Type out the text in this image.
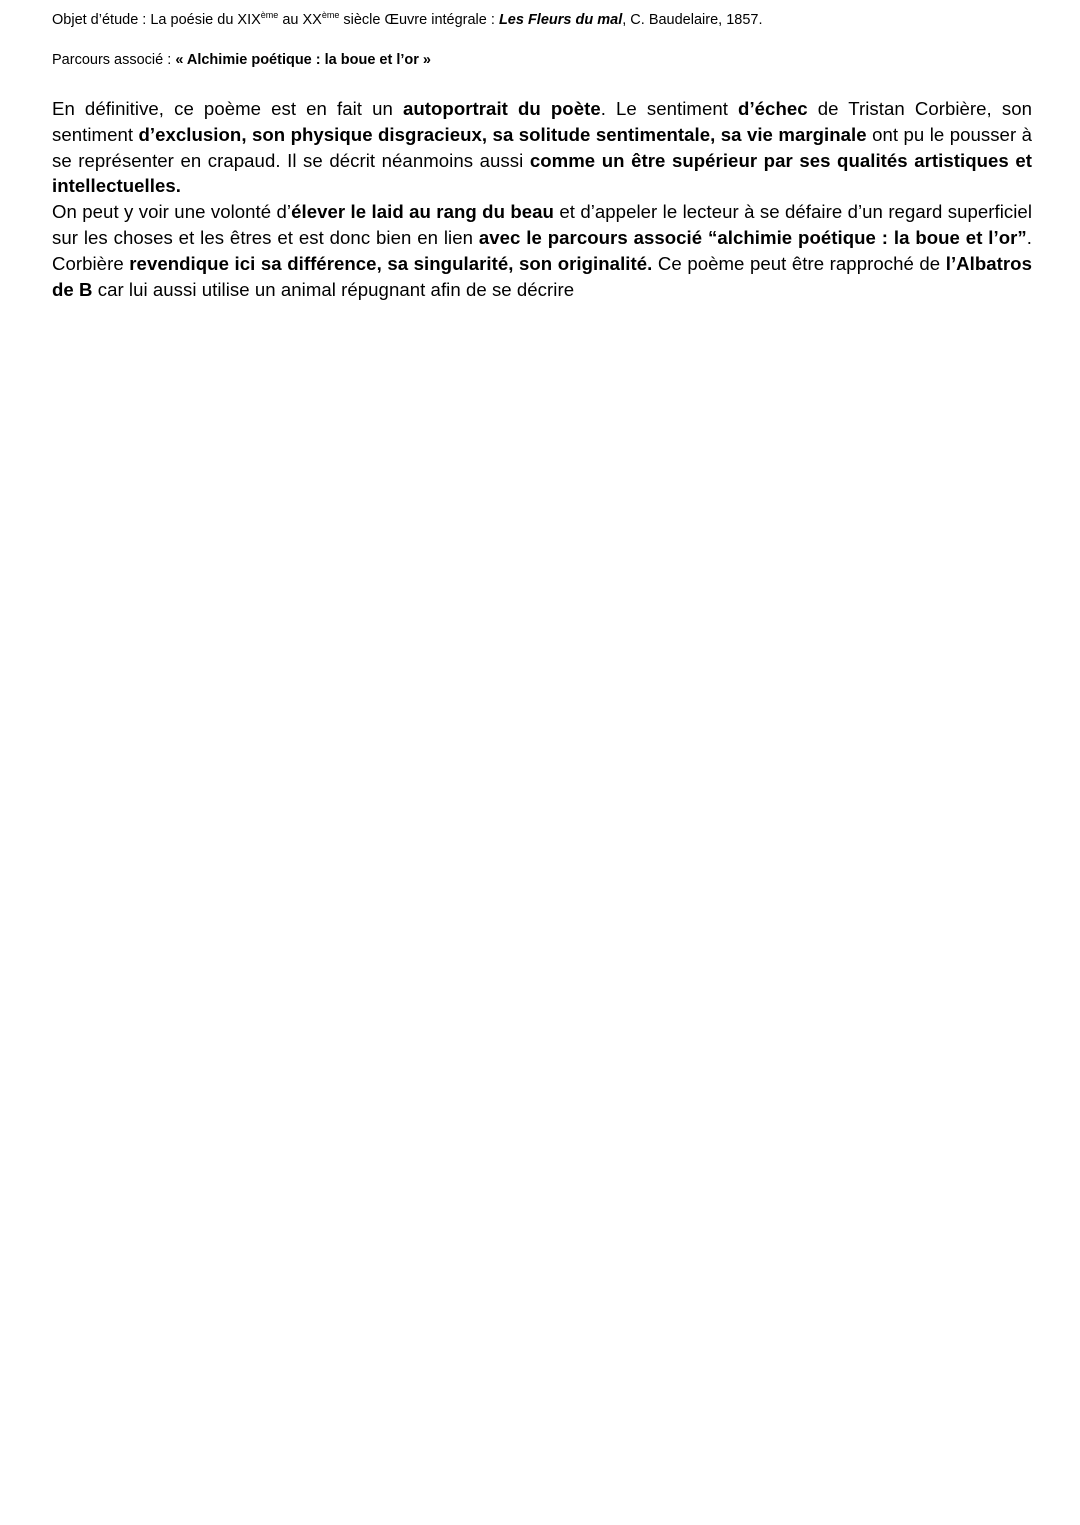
Objet d’étude : La poésie du XIXème au XXème siècle Œuvre intégrale : Les Fleurs du mal, C. Baudelaire, 1857.
Parcours associé : « Alchimie poétique : la boue et l’or »

En définitive, ce poème est en fait un autoportrait du poète. Le sentiment d’échec de Tristan Corbière, son sentiment d’exclusion, son physique disgracieux, sa solitude sentimentale, sa vie marginale ont pu le pousser à se représenter en crapaud. Il se décrit néanmoins aussi comme un être supérieur par ses qualités artistiques et intellectuelles.

On peut y voir une volonté d’élever le laid au rang du beau et d’appeler le lecteur à se défaire d’un regard superficiel sur les choses et les êtres et est donc bien en lien avec le parcours associé “alchimie poétique : la boue et l’or”. Corbière revendique ici sa différence, sa singularité, son originalité. Ce poème peut être rapproché de l’Albatros de B car lui aussi utilise un animal répugnant afin de se décrire
